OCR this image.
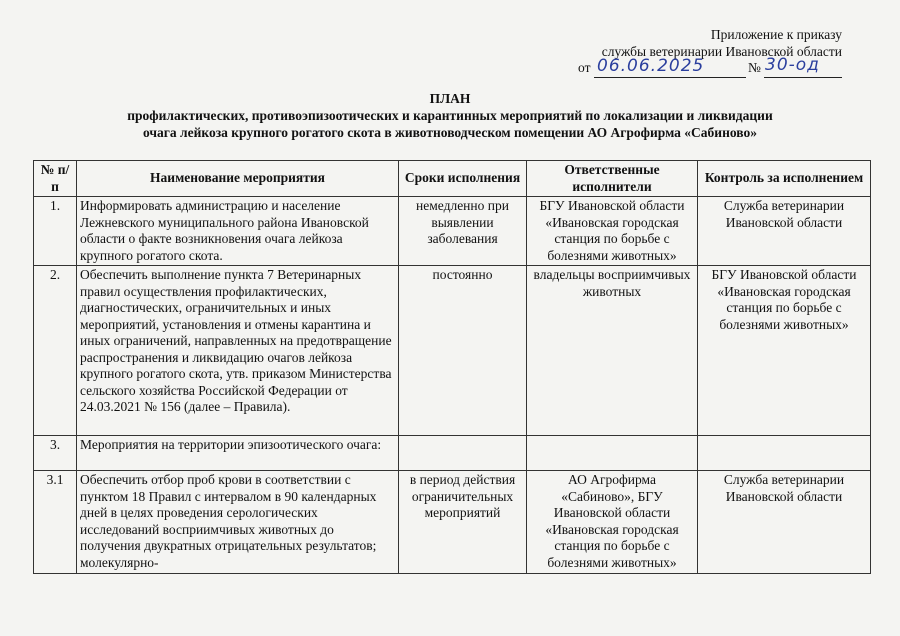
Приложение к приказу
службы ветеринарии Ивановской области
от	№
06.06.2025	30-од
ПЛАН
профилактических, противоэпизоотических и карантинных мероприятий по локализации и ликвидации
очага лейкоза крупного рогатого скота в животноводческом помещении АО Агрофирма «Сабиново»
№ п/п	Наименование мероприятия	Сроки исполнения	Ответственные исполнители	Контроль за исполнением
1.	Информировать администрацию и население Лежневского муниципального района Ивановской области о факте возникновения очага лейкоза крупного рогатого скота.	немедленно при выявлении заболевания	БГУ Ивановской области «Ивановская городская станция по борьбе с болезнями животных»	Служба ветеринарии Ивановской области
2.	Обеспечить выполнение пункта 7 Ветеринарных правил осуществления профилактических, диагностических, ограничительных и иных мероприятий, установления и отмены карантина и иных ограничений, направленных на предотвращение распространения и ликвидацию очагов лейкоза крупного рогатого скота, утв. приказом Министерства сельского хозяйства Российской Федерации от 24.03.2021 № 156 (далее – Правила).	постоянно	владельцы восприимчивых животных	БГУ Ивановской области «Ивановская городская станция по борьбе с болезнями животных»
3.	Мероприятия на территории эпизоотического очага:			
3.1	Обеспечить отбор проб крови в соответствии с пунктом 18 Правил с интервалом в 90 календарных дней в целях проведения серологических исследований восприимчивых животных до получения двукратных отрицательных результатов; молекулярно-	в период действия ограничительных мероприятий	АО Агрофирма «Сабиново», БГУ Ивановской области «Ивановская городская станция по борьбе с болезнями животных»	Служба ветеринарии Ивановской области
